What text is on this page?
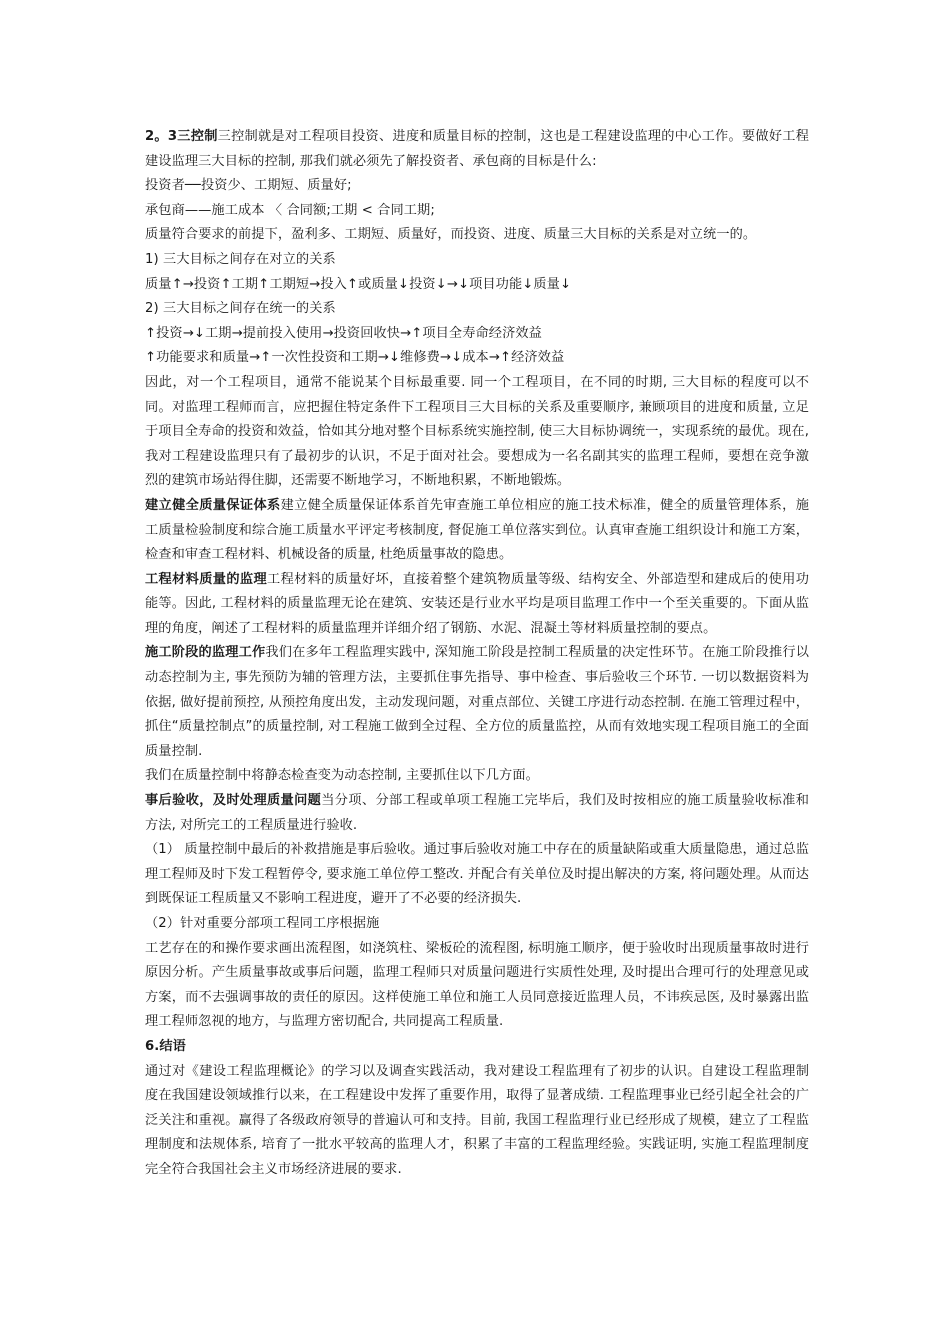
2。3三控制三控制就是对工程项目投资、进度和质量目标的控制，这也是工程建设监理的中心工作。要做好工程建设监理三大目标的控制, 那我们就必须先了解投资者、承包商的目标是什么:

投资者──投资少、工期短、质量好;

承包商——施工成本 〈 合同额;工期 < 合同工期;

质量符合要求的前提下，盈利多、工期短、质量好，而投资、进度、质量三大目标的关系是对立统一的。

1) 三大目标之间存在对立的关系

质量↑→投资↑工期↑工期短→投入↑或质量↓投资↓→↓项目功能↓质量↓

2) 三大目标之间存在统一的关系

↑投资→↓工期→提前投入使用→投资回收快→↑项目全寿命经济效益

↑功能要求和质量→↑一次性投资和工期→↓维修费→↓成本→↑经济效益

因此，对一个工程项目，通常不能说某个目标最重要. 同一个工程项目，在不同的时期, 三大目标的程度可以不同。对监理工程师而言，应把握住特定条件下工程项目三大目标的关系及重要顺序, 兼顾项目的进度和质量, 立足于项目全寿命的投资和效益，恰如其分地对整个目标系统实施控制, 使三大目标协调统一，实现系统的最优。现在, 我对工程建设监理只有了最初步的认识，不足于面对社会。要想成为一名名副其实的监理工程师，要想在竞争激烈的建筑市场站得住脚，还需要不断地学习，不断地积累，不断地锻炼。

建立健全质量保证体系建立健全质量保证体系首先审查施工单位相应的施工技术标准，健全的质量管理体系，施工质量检验制度和综合施工质量水平评定考核制度, 督促施工单位落实到位。认真审查施工组织设计和施工方案，检查和审查工程材料、机械设备的质量, 杜绝质量事故的隐患。

工程材料质量的监理工程材料的质量好坏，直接着整个建筑物质量等级、结构安全、外部造型和建成后的使用功能等。因此, 工程材料的质量监理无论在建筑、安装还是行业水平均是项目监理工作中一个至关重要的。下面从监理的角度，阐述了工程材料的质量监理并详细介绍了钢筋、水泥、混凝土等材料质量控制的要点。

施工阶段的监理工作我们在多年工程监理实践中, 深知施工阶段是控制工程质量的决定性环节。在施工阶段推行以动态控制为主, 事先预防为辅的管理方法，主要抓住事先指导、事中检查、事后验收三个环节. 一切以数据资料为依据, 做好提前预控, 从预控角度出发，主动发现问题，对重点部位、关键工序进行动态控制. 在施工管理过程中，抓住“质量控制点”的质量控制, 对工程施工做到全过程、全方位的质量监控，从而有效地实现工程项目施工的全面质量控制.

我们在质量控制中将静态检查变为动态控制, 主要抓住以下几方面。

事后验收，及时处理质量问题当分项、分部工程或单项工程施工完毕后，我们及时按相应的施工质量验收标准和方法, 对所完工的工程质量进行验收.

（1） 质量控制中最后的补救措施是事后验收。通过事后验收对施工中存在的质量缺陷或重大质量隐患，通过总监理工程师及时下发工程暂停令, 要求施工单位停工整改. 并配合有关单位及时提出解决的方案, 将问题处理。从而达到既保证工程质量又不影响工程进度，避开了不必要的经济损失.

（2）针对重要分部项工程同工序根据施

工艺存在的和操作要求画出流程图，如浇筑柱、梁板砼的流程图, 标明施工顺序，便于验收时出现质量事故时进行原因分析。产生质量事故或事后问题，监理工程师只对质量问题进行实质性处理, 及时提出合理可行的处理意见或方案，而不去强调事故的责任的原因。这样使施工单位和施工人员同意接近监理人员，不讳疾忌医, 及时暴露出监理工程师忽视的地方，与监理方密切配合, 共同提高工程质量.

6.结语

通过对《建设工程监理概论》的学习以及调查实践活动，我对建设工程监理有了初步的认识。自建设工程监理制度在我国建设领域推行以来，在工程建设中发挥了重要作用，取得了显著成绩. 工程监理事业已经引起全社会的广泛关注和重视。赢得了各级政府领导的普遍认可和支持。目前, 我国工程监理行业已经形成了规模，建立了工程监理制度和法规体系, 培育了一批水平较高的监理人才，积累了丰富的工程监理经验。实践证明, 实施工程监理制度完全符合我国社会主义市场经济进展的要求.
